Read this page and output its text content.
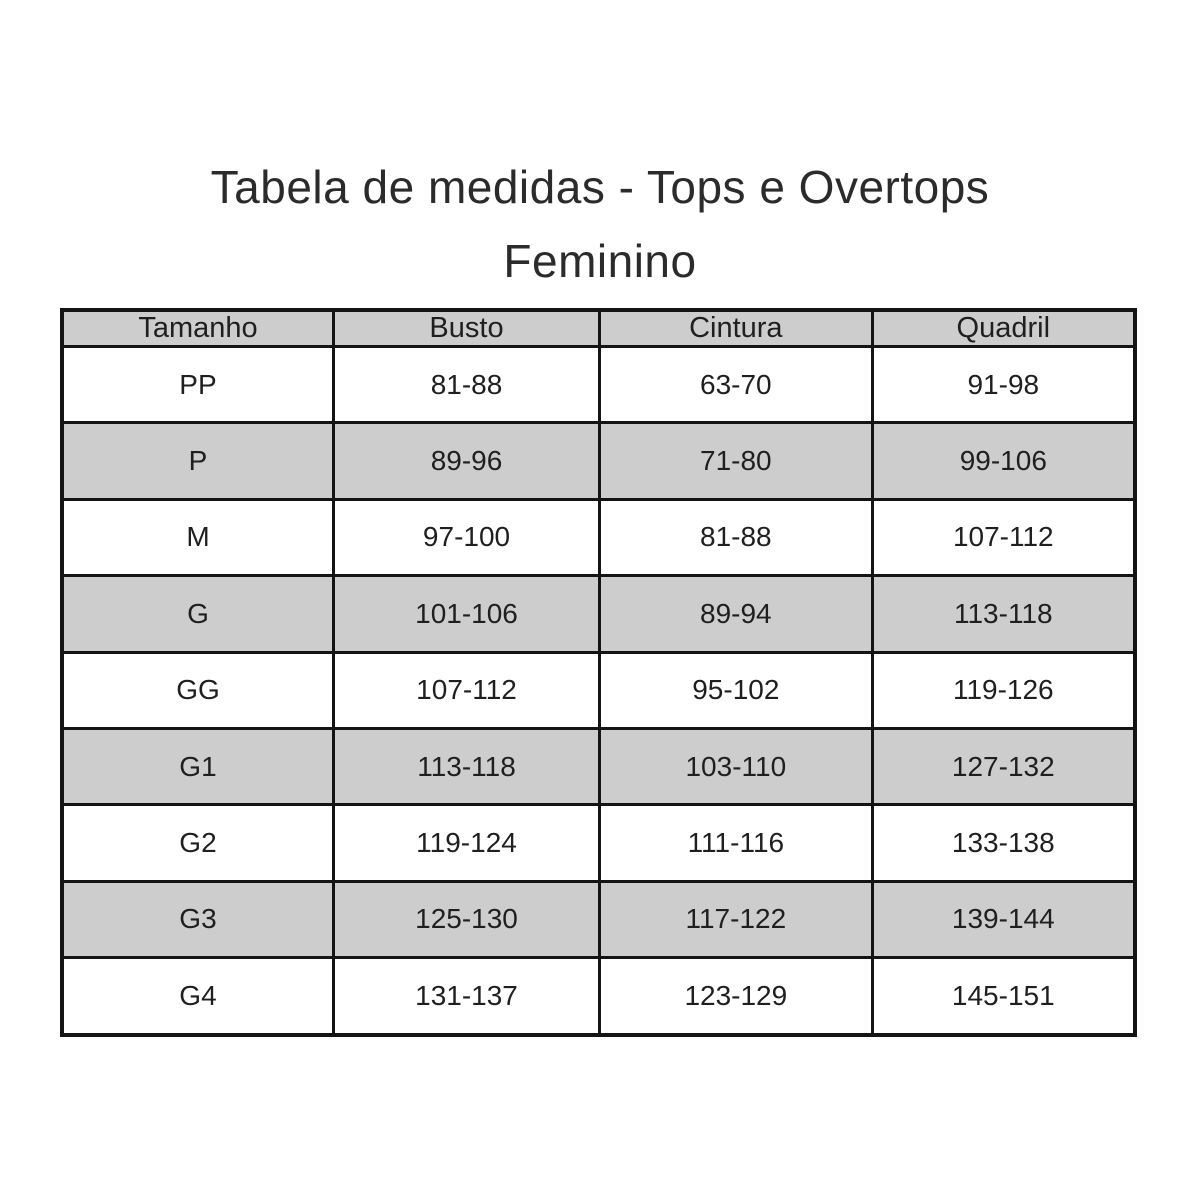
Tabela de medidas - Tops e Overtops
Feminino
Tamanho	Busto	Cintura	Quadril
PP	81-88	63-70	91-98
P	89-96	71-80	99-106
M	97-100	81-88	107-112
G	101-106	89-94	113-118
GG	107-112	95-102	119-126
G1	113-118	103-110	127-132
G2	119-124	111-116	133-138
G3	125-130	117-122	139-144
G4	131-137	123-129	145-151
